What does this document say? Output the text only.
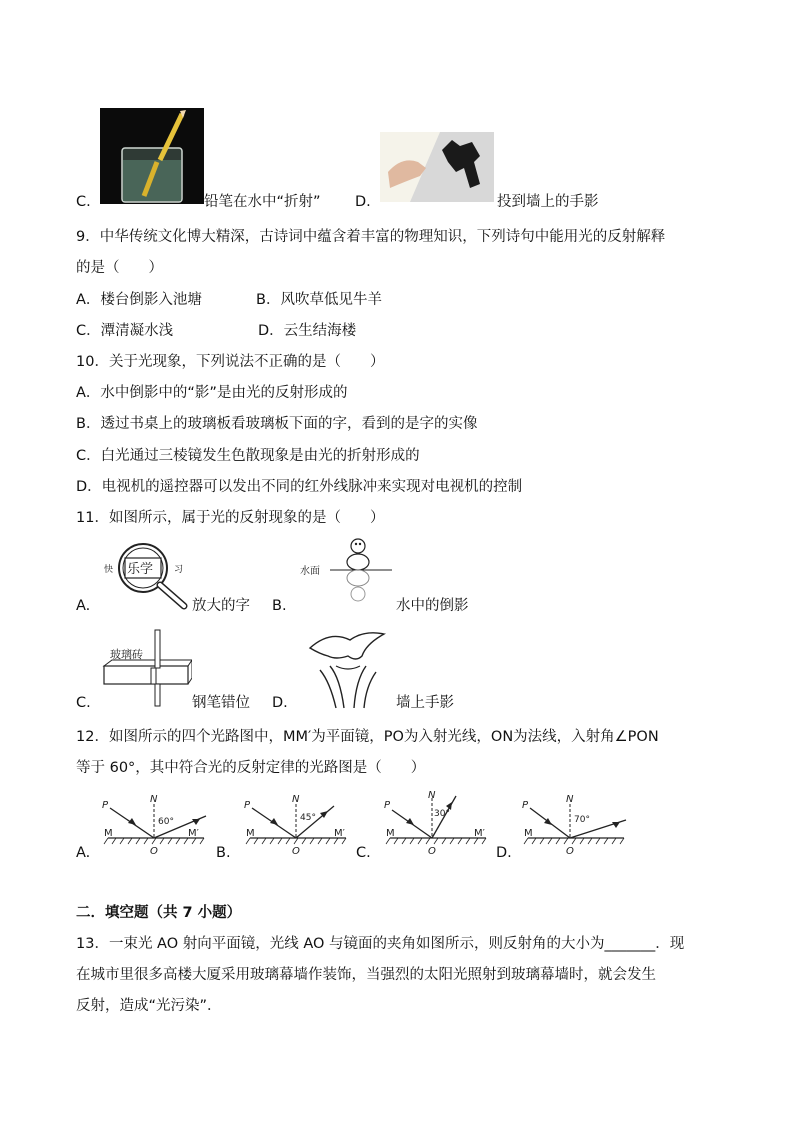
C.	铅笔在水中“折射” D.	投到墙上的手影
9．中华传统文化博大精深，古诗词中蕴含着丰富的物理知识，下列诗句中能用光的反射解释
的是（　　）
A．楼台倒影入池塘	B．风吹草低见牛羊
C．潭清凝水浅	D．云生结海楼
10．关于光现象，下列说法不正确的是（　　）
A．水中倒影中的“影”是由光的反射形成的
B．透过书桌上的玻璃板看玻璃板下面的字，看到的是字的实像
C．白光通过三棱镜发生色散现象是由光的折射形成的
D．电视机的遥控器可以发出不同的红外线脉冲来实现对电视机的控制
11．如图所示，属于光的反射现象的是（　　）
A.
快 乐学 习
放大的字 B.
水面
水中的倒影
C.
玻璃砖
钢笔错位 D.	墙上手影
12．如图所示的四个光路图中，MM′为平面镜，PO为入射光线，ON为法线，入射角∠PON
等于 60°，其中符合光的反射定律的光路图是（　　）
A.
P
N
M	M′
O
60°
B.
P
N
M	M′
O
45°
C.
P
N
M	M′
O
30°
D.
P
N
M
70°
O
二．填空题（共 7 小题）
13．一束光 AO 射向平面镜，光线 AO 与镜面的夹角如图所示，则反射角的大小为_______．现
在城市里很多高楼大厦采用玻璃幕墙作装饰，当强烈的太阳光照射到玻璃幕墙时，就会发生
反射，造成“光污染”．
